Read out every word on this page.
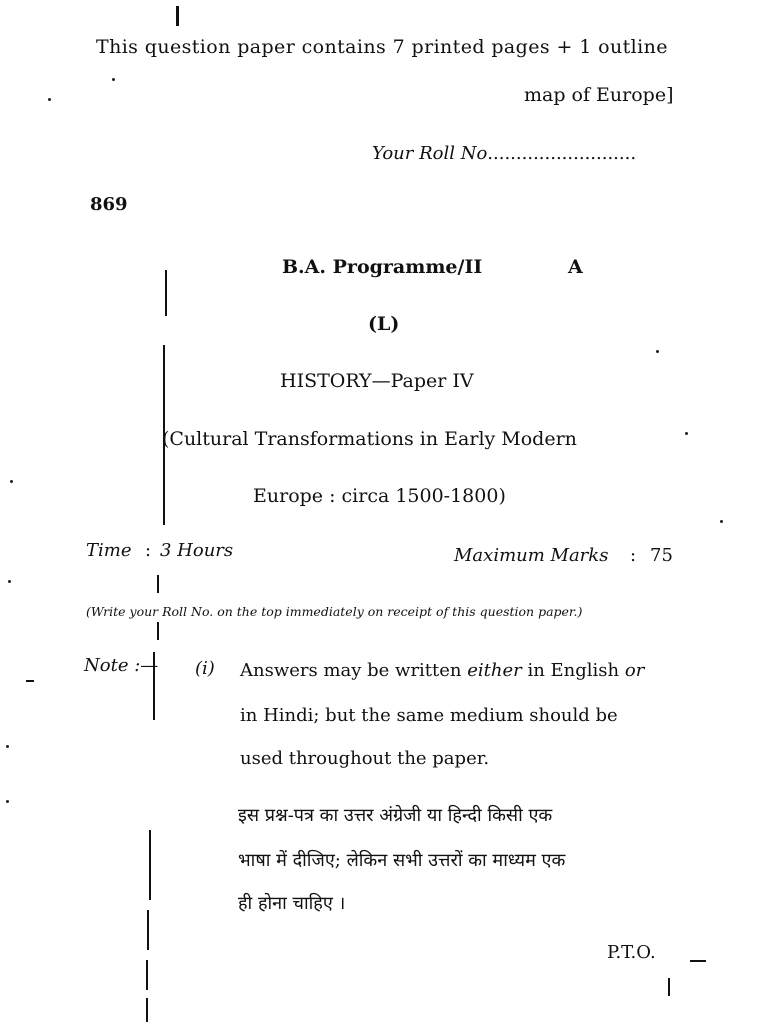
This question paper contains 7 printed pages + 1 outline
map of Europe]
Your Roll No..........................
869
B.A. Programme/II	A
(L)
HISTORY—Paper IV
(Cultural Transformations in Early Modern
Europe : circa 1500-1800)
Time : 3 Hours	Maximum Marks : 75
(Write your Roll No. on the top immediately on receipt of this question paper.)
Note :— (i) Answers may be written either in English or
in Hindi; but the same medium should be
used throughout the paper.
इस प्रश्न-पत्र का उत्तर अंग्रेजी या हिन्दी किसी एक
भाषा में दीजिए; लेकिन सभी उत्तरों का माध्यम एक
ही होना चाहिए ।
P.T.O.
